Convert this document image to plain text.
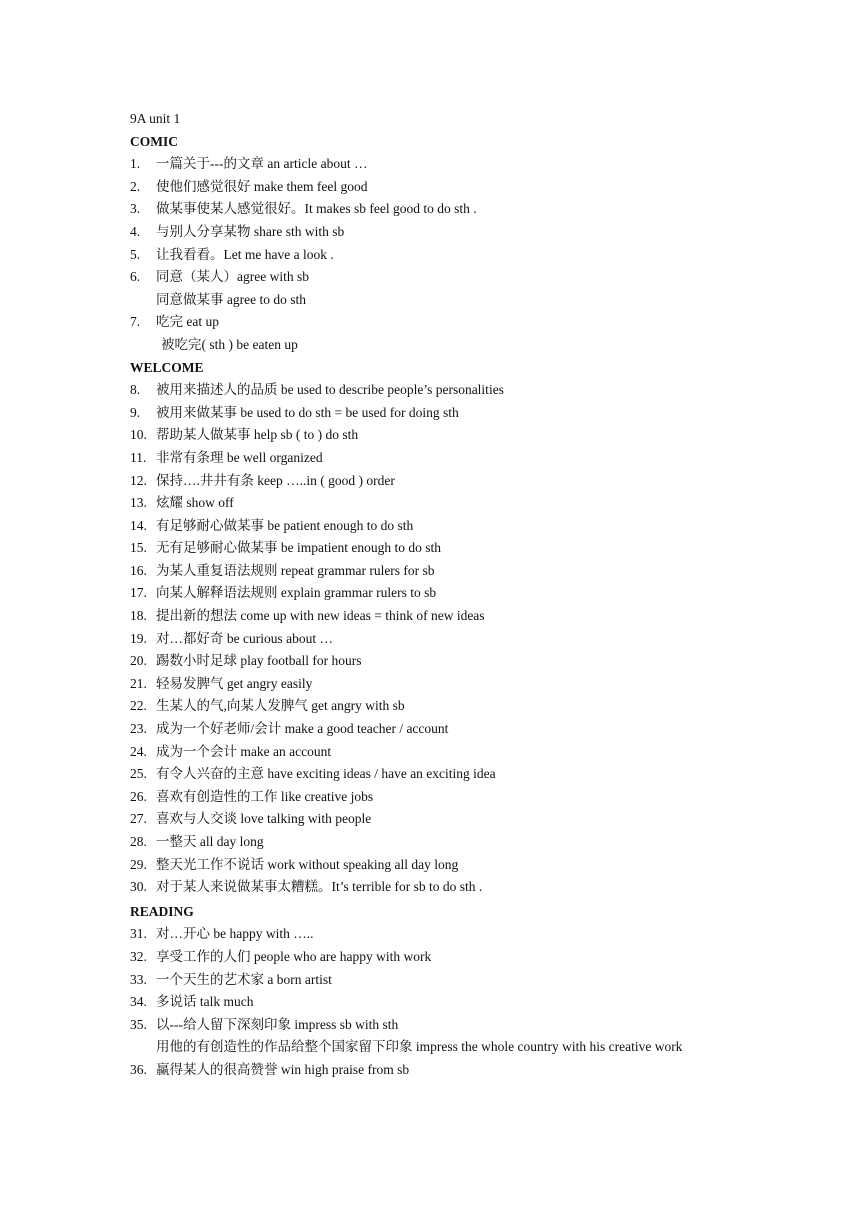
9A unit 1

COMIC

1.	一篇关于---的文章 an article about …
2.	使他们感觉很好 make them feel good
3.	做某事使某人感觉很好。It makes sb feel good to do sth .
4.	与别人分享某物 share sth with sb
5.	让我看看。Let me have a look .
6.	同意（某人）agree with sb
同意做某事 agree to do sth
7.	吃完 eat up
被吃完( sth ) be eaten up

WELCOME

8.	被用来描述人的品质 be used to describe people’s personalities
9.	被用来做某事 be used to do sth = be used for doing sth
10. 帮助某人做某事 help sb ( to ) do sth
11. 非常有条理 be well organized
12. 保持….井井有条 keep …..in ( good ) order
13. 炫耀 show off
14. 有足够耐心做某事 be patient enough to do sth
15. 无有足够耐心做某事 be impatient enough to do sth
16. 为某人重复语法规则 repeat grammar rulers for sb
17. 向某人解释语法规则 explain grammar rulers to sb
18. 提出新的想法 come up with new ideas = think of new ideas
19. 对…都好奇 be curious about …
20. 踢数小时足球 play football for hours
21. 轻易发脾气 get angry easily
22. 生某人的气,向某人发脾气 get angry with sb
23. 成为一个好老师/会计 make a good teacher / account
24. 成为一个会计 make an account
25. 有令人兴奋的主意 have exciting ideas / have an exciting idea
26. 喜欢有创造性的工作 like creative jobs
27. 喜欢与人交谈 love talking with people
28. 一整天 all day long
29. 整天光工作不说话 work without speaking all day long
30. 对于某人来说做某事太糟糕。It’s terrible for sb to do sth .

READING

31. 对…开心 be happy with …..
32. 享受工作的人们 people who are happy with work
33. 一个天生的艺术家 a born artist
34. 多说话 talk much
35. 以---给人留下深刻印象 impress sb with sth
用他的有创造性的作品给整个国家留下印象 impress the whole country with his creative work
36. 赢得某人的很高赞誉 win high praise from sb
